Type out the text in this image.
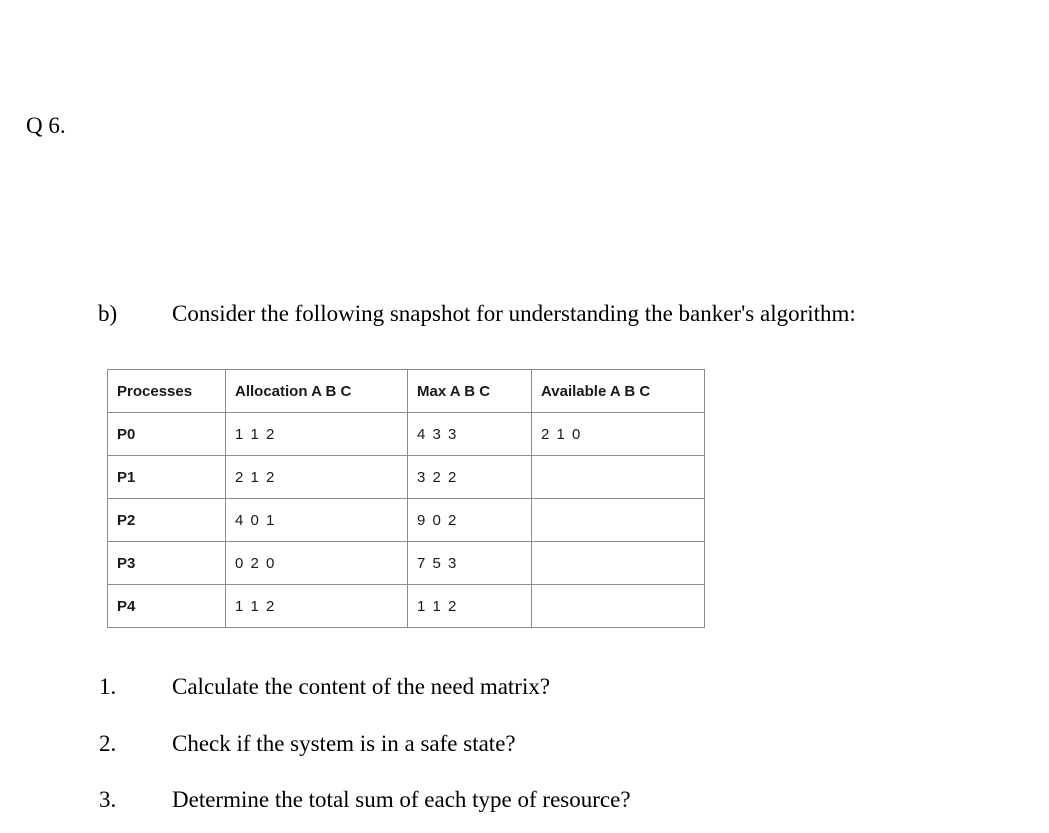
Q 6.
b) Consider the following snapshot for understanding the banker's algorithm:
Processes	Allocation A B C	Max A B C	Available A B C
P0	1 1 2	4 3 3	2 1 0
P1	2 1 2	3 2 2	
P2	4 0 1	9 0 2	
P3	0 2 0	7 5 3	
P4	1 1 2	1 1 2	
1. Calculate the content of the need matrix?
2. Check if the system is in a safe state?
3. Determine the total sum of each type of resource?
